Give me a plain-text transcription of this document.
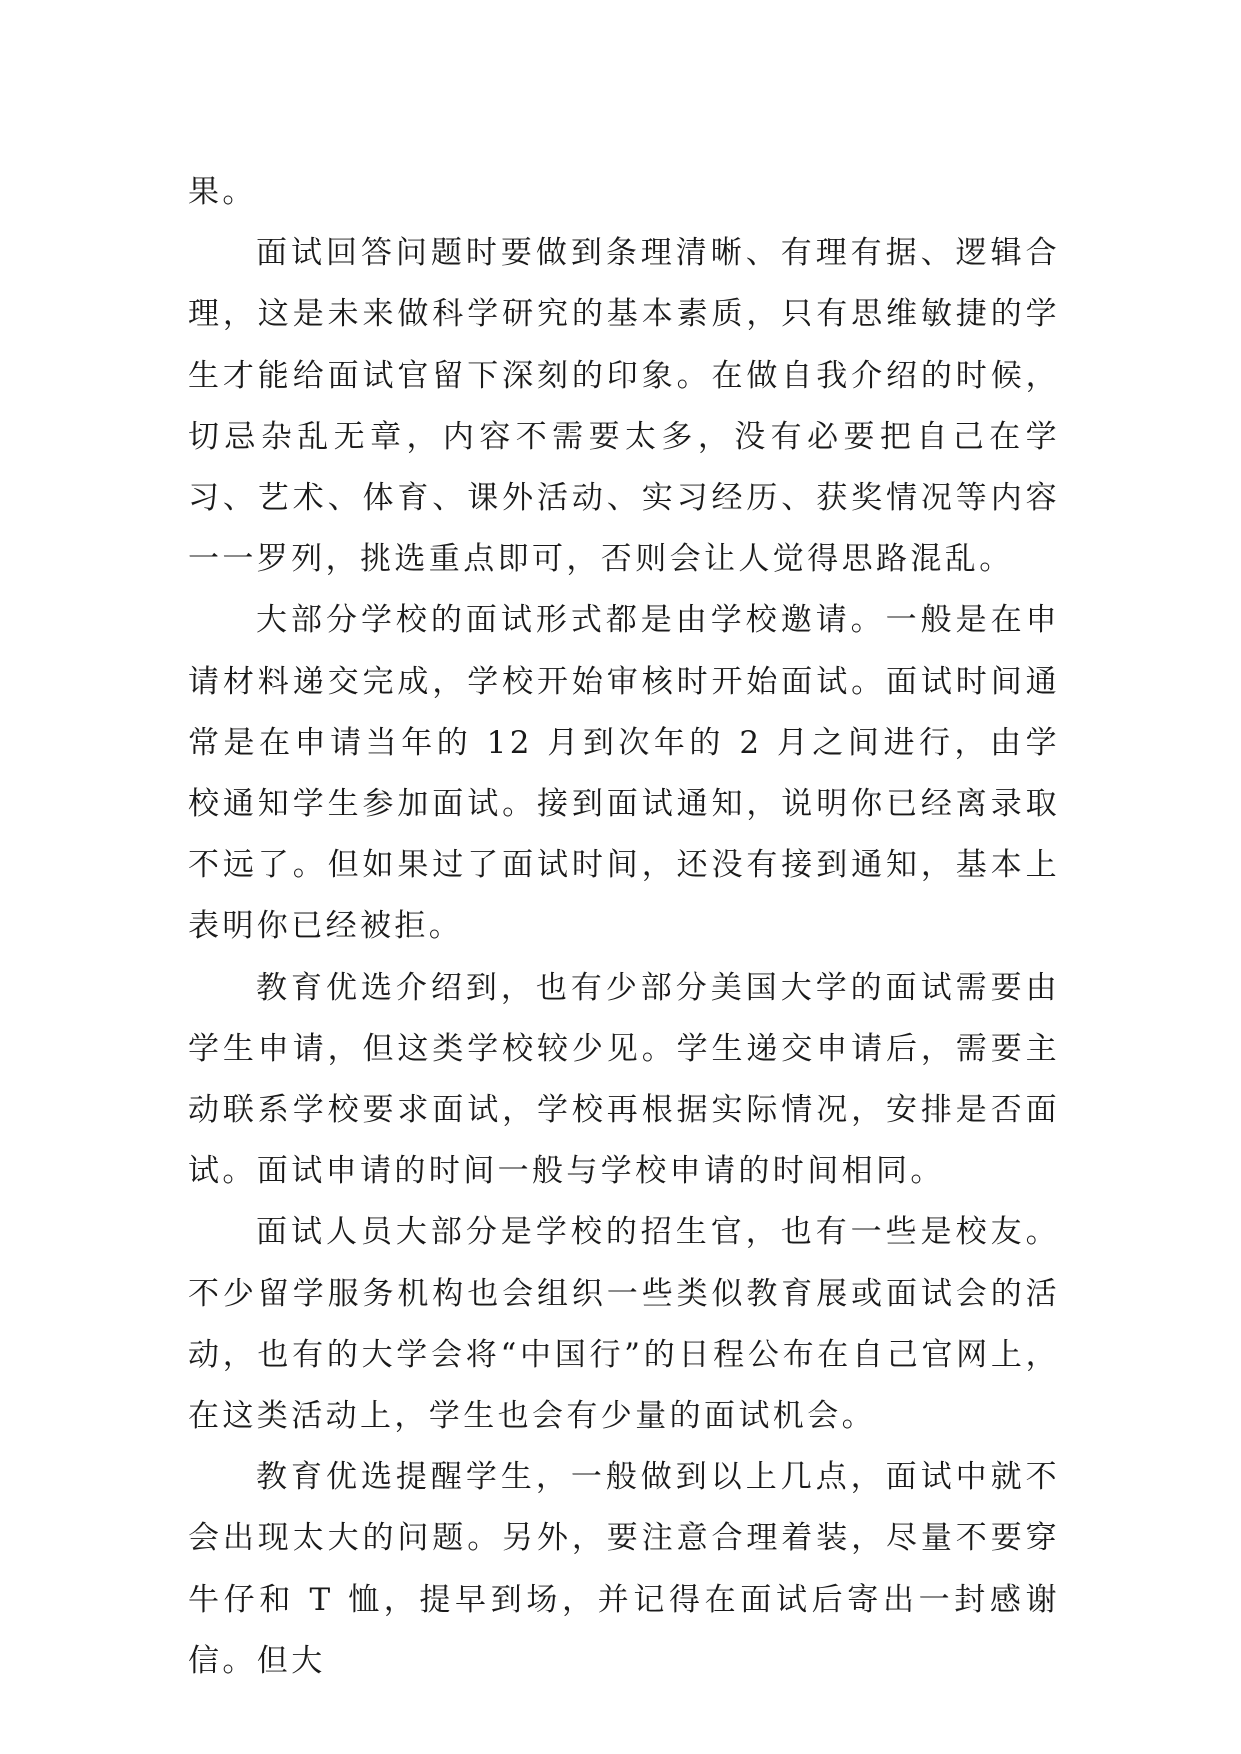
果。

面试回答问题时要做到条理清晰、有理有据、逻辑合理，这是未来做科学研究的基本素质，只有思维敏捷的学生才能给面试官留下深刻的印象。在做自我介绍的时候，切忌杂乱无章，内容不需要太多，没有必要把自己在学习、艺术、体育、课外活动、实习经历、获奖情况等内容一一罗列，挑选重点即可，否则会让人觉得思路混乱。

大部分学校的面试形式都是由学校邀请。一般是在申请材料递交完成，学校开始审核时开始面试。面试时间通常是在申请当年的 12 月到次年的 2 月之间进行，由学校通知学生参加面试。接到面试通知，说明你已经离录取不远了。但如果过了面试时间，还没有接到通知，基本上表明你已经被拒。

教育优选介绍到，也有少部分美国大学的面试需要由学生申请，但这类学校较少见。学生递交申请后，需要主动联系学校要求面试，学校再根据实际情况，安排是否面试。面试申请的时间一般与学校申请的时间相同。

面试人员大部分是学校的招生官，也有一些是校友。不少留学服务机构也会组织一些类似教育展或面试会的活动，也有的大学会将“中国行”的日程公布在自己官网上，在这类活动上，学生也会有少量的面试机会。

教育优选提醒学生，一般做到以上几点，面试中就不会出现太大的问题。另外，要注意合理着装，尽量不要穿牛仔和 T 恤，提早到场，并记得在面试后寄出一封感谢信。但大
